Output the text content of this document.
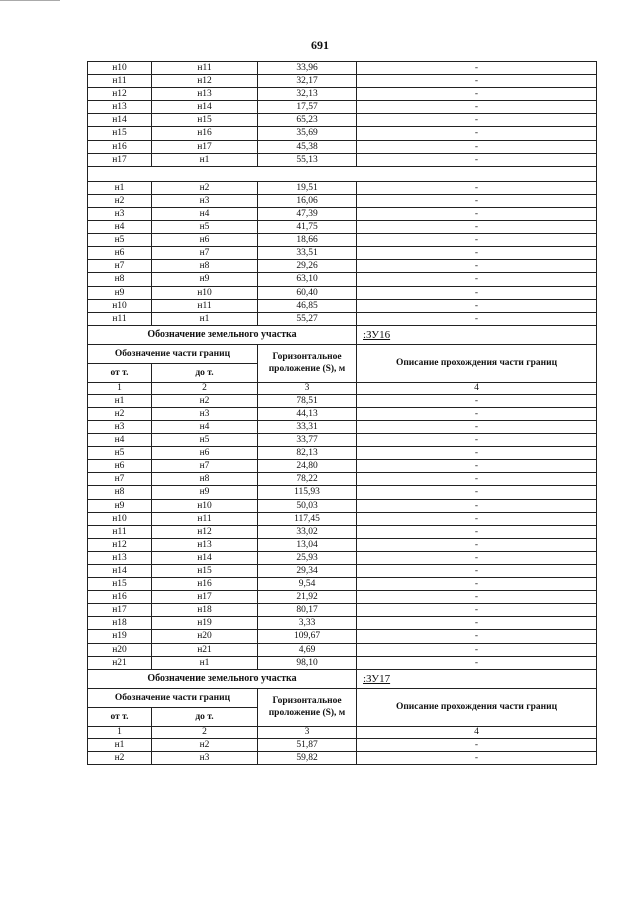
691
н10	н11	33,96	-
н11	н12	32,17	-
н12	н13	32,13	-
н13	н14	17,57	-
н14	н15	65,23	-
н15	н16	35,69	-
н16	н17	45,38	-
н17	н1	55,13	-

н1	н2	19,51	-
н2	н3	16,06	-
н3	н4	47,39	-
н4	н5	41,75	-
н5	н6	18,66	-
н6	н7	33,51	-
н7	н8	29,26	-
н8	н9	63,10	-
н9	н10	60,40	-
н10	н11	46,85	-
н11	н1	55,27	-
Обозначение земельного участка			:ЗУ16
Обозначение части границ		Горизонтальное проложение (S), м	Описание прохождения части границ
от т.	до т.		
1	2	3	4
н1	н2	78,51	-
н2	н3	44,13	-
н3	н4	33,31	-
н4	н5	33,77	-
н5	н6	82,13	-
н6	н7	24,80	-
н7	н8	78,22	-
н8	н9	115,93	-
н9	н10	50,03	-
н10	н11	117,45	-
н11	н12	33,02	-
н12	н13	13,04	-
н13	н14	25,93	-
н14	н15	29,34	-
н15	н16	9,54	-
н16	н17	21,92	-
н17	н18	80,17	-
н18	н19	3,33	-
н19	н20	109,67	-
н20	н21	4,69	-
н21	н1	98,10	-
Обозначение земельного участка			:ЗУ17
Обозначение части границ		Горизонтальное проложение (S), м	Описание прохождения части границ
от т.	до т.		
1	2	3	4
н1	н2	51,87	-
н2	н3	59,82	-
